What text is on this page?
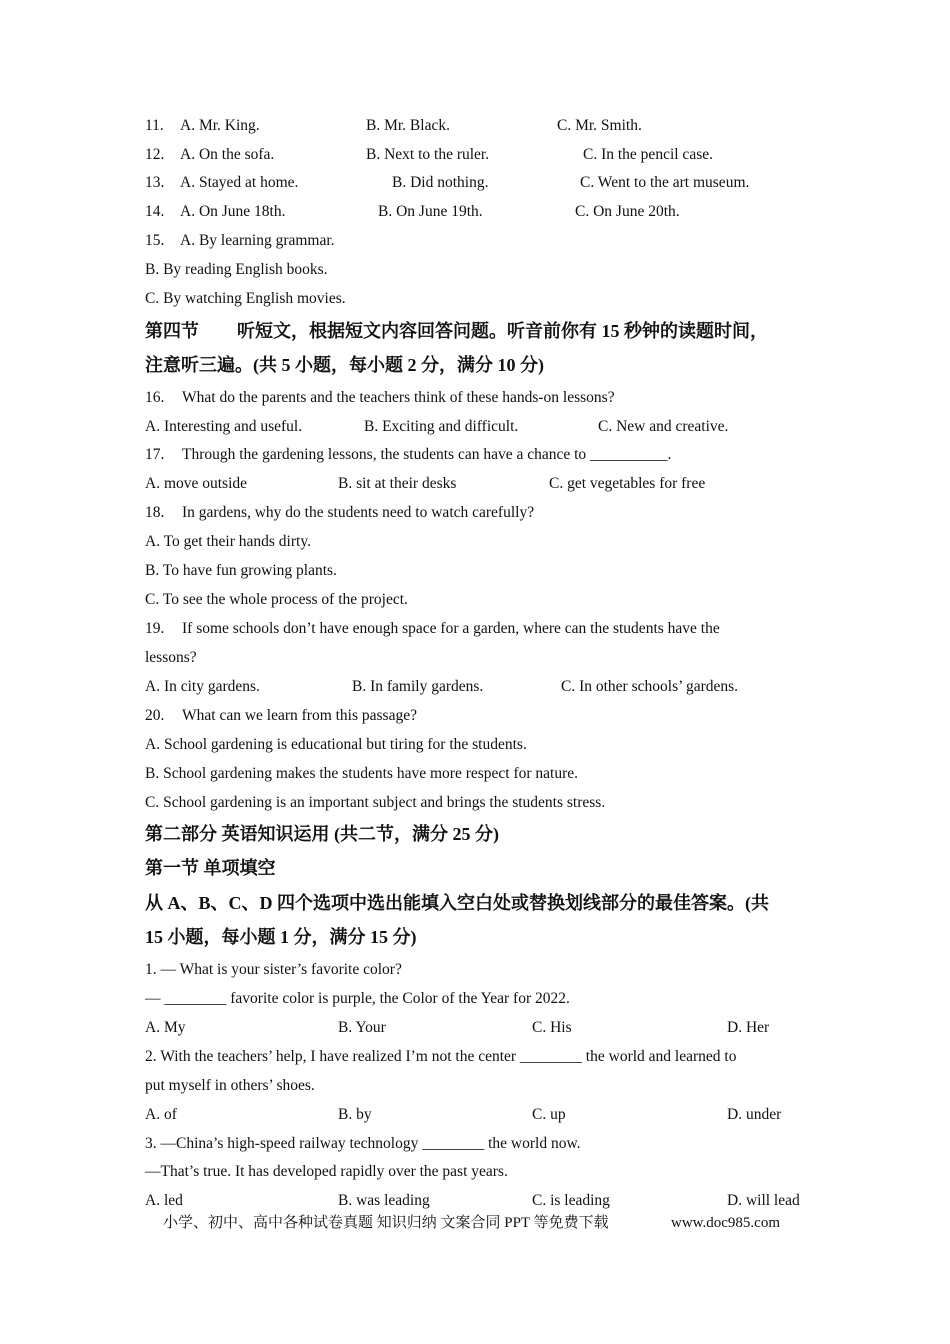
11. A. Mr. King.	B. Mr. Black.	C. Mr. Smith.
12. A. On the sofa.	B. Next to the ruler.	C. In the pencil case.
13. A. Stayed at home.	B. Did nothing.	C. Went to the art museum.
14. A. On June 18th.	B. On June 19th.	C. On June 20th.
15. A. By learning grammar.
B. By reading English books.
C. By watching English movies.
第四节 听短文，根据短文内容回答问题。听音前你有 15 秒钟的读题时间，
注意听三遍。(共 5 小题，每小题 2 分，满分 10 分)
16. What do the parents and the teachers think of these hands-on lessons?
A. Interesting and useful.	B. Exciting and difficult.	C. New and creative.
17. Through the gardening lessons, the students can have a chance to __________.
A. move outside	B. sit at their desks	C. get vegetables for free
18. In gardens, why do the students need to watch carefully?
A. To get their hands dirty.
B. To have fun growing plants.
C. To see the whole process of the project.
19. If some schools don’t have enough space for a garden, where can the students have the
lessons?
A. In city gardens.	B. In family gardens.	C. In other schools’ gardens.
20. What can we learn from this passage?
A. School gardening is educational but tiring for the students.
B. School gardening makes the students have more respect for nature.
C. School gardening is an important subject and brings the students stress.
第二部分 英语知识运用 (共二节，满分 25 分)
第一节 单项填空
从 A、B、C、D 四个选项中选出能填入空白处或替换划线部分的最佳答案。(共
15 小题，每小题 1 分，满分 15 分)
1. — What is your sister’s favorite color?
— ________ favorite color is purple, the Color of the Year for 2022.
A. My	B. Your	C. His	D. Her
2. With the teachers’ help, I have realized I’m not the center ________ the world and learned to
put myself in others’ shoes.
A. of	B. by	C. up	D. under
3. —China’s high-speed railway technology ________ the world now.
—That’s true. It has developed rapidly over the past years.
A. led	B. was leading	C. is leading	D. will lead
小学、初中、高中各种试卷真题 知识归纳 文案合同 PPT 等免费下载	www.doc985.com
